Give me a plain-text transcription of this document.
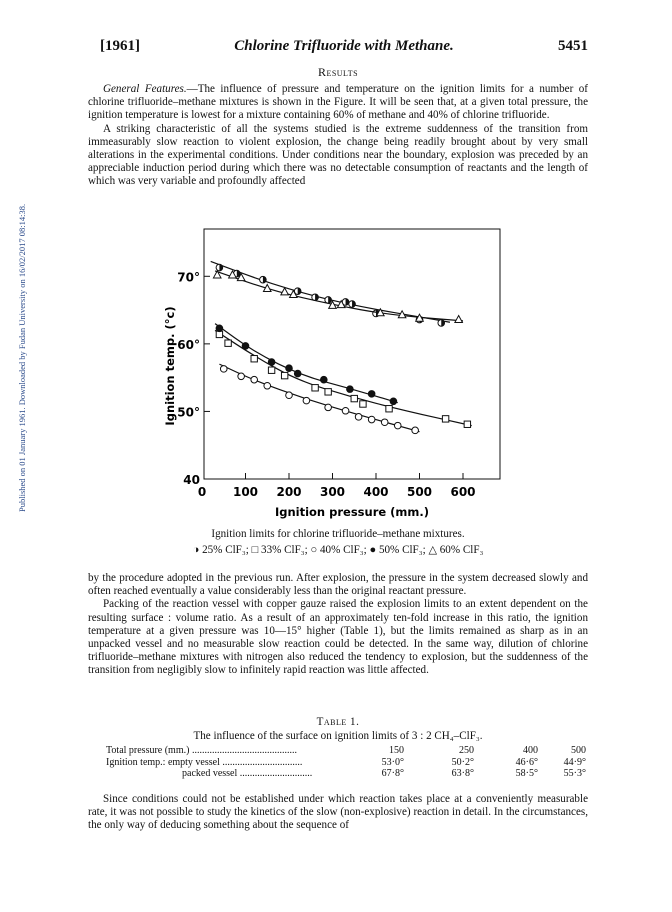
Published on 01 January 1961. Downloaded by Fudan University on 16/02/2017 08:14:38.
[1961]	Chlorine Trifluoride with Methane.	5451
Results

General Features.—The influence of pressure and temperature on the ignition limits for a number of chlorine trifluoride–methane mixtures is shown in the Figure. It will be seen that, at a given total pressure, the ignition temperature is lowest for a mixture containing 60% of methane and 40% of chlorine trifluoride.

A striking characteristic of all the systems studied is the extreme suddenness of the transition from immeasurably slow reaction to violent explosion, the change being readily brought about by very small alterations in the experimental conditions. Under conditions near the boundary, explosion was preceded by an appreciable induction period during which there was no detectable consumption of reactants and the length of which was very variable and profoundly affected

0 100 200 300 400 500 600
40
50°
60°
70°
Ignition pressure (mm.)
Ignition temp. (°c)
Ignition limits for chlorine trifluoride–methane mixtures.
◑ 25% ClF₃; □ 33% ClF₃; ○ 40% ClF₃; ● 50% ClF₃; △ 60% ClF₃

by the procedure adopted in the previous run. After explosion, the pressure in the system decreased slowly and often reached eventually a value considerably less than the original reactant pressure.

Packing of the reaction vessel with copper gauze raised the explosion limits to an extent dependent on the resulting surface : volume ratio. As a result of an approximately ten-fold increase in this ratio, the ignition temperature at a given pressure was 10—15° higher (Table 1), but the limits remained as sharp as in an unpacked vessel and no measurable slow reaction could be detected. In the same way, dilution of chlorine trifluoride–methane mixtures with nitrogen also reduced the tendency to explosion, but the suddenness of the transition from negligibly slow to infinitely rapid reaction was little affected.

Table 1.
The influence of the surface on ignition limits of 3 : 2 CH₄–ClF₃.
Total pressure (mm.) ..........................................	150	250	400	500
Ignition temp.: empty vessel ................................	53·0°	50·2°	46·6°	44·9°
packed vessel .............................	67·8°	63·8°	58·5°	55·3°

Since conditions could not be established under which reaction takes place at a conveniently measurable rate, it was not possible to study the kinetics of the slow (non-explosive) reaction in detail. In the circumstances, the only way of deducing something about the sequence of
